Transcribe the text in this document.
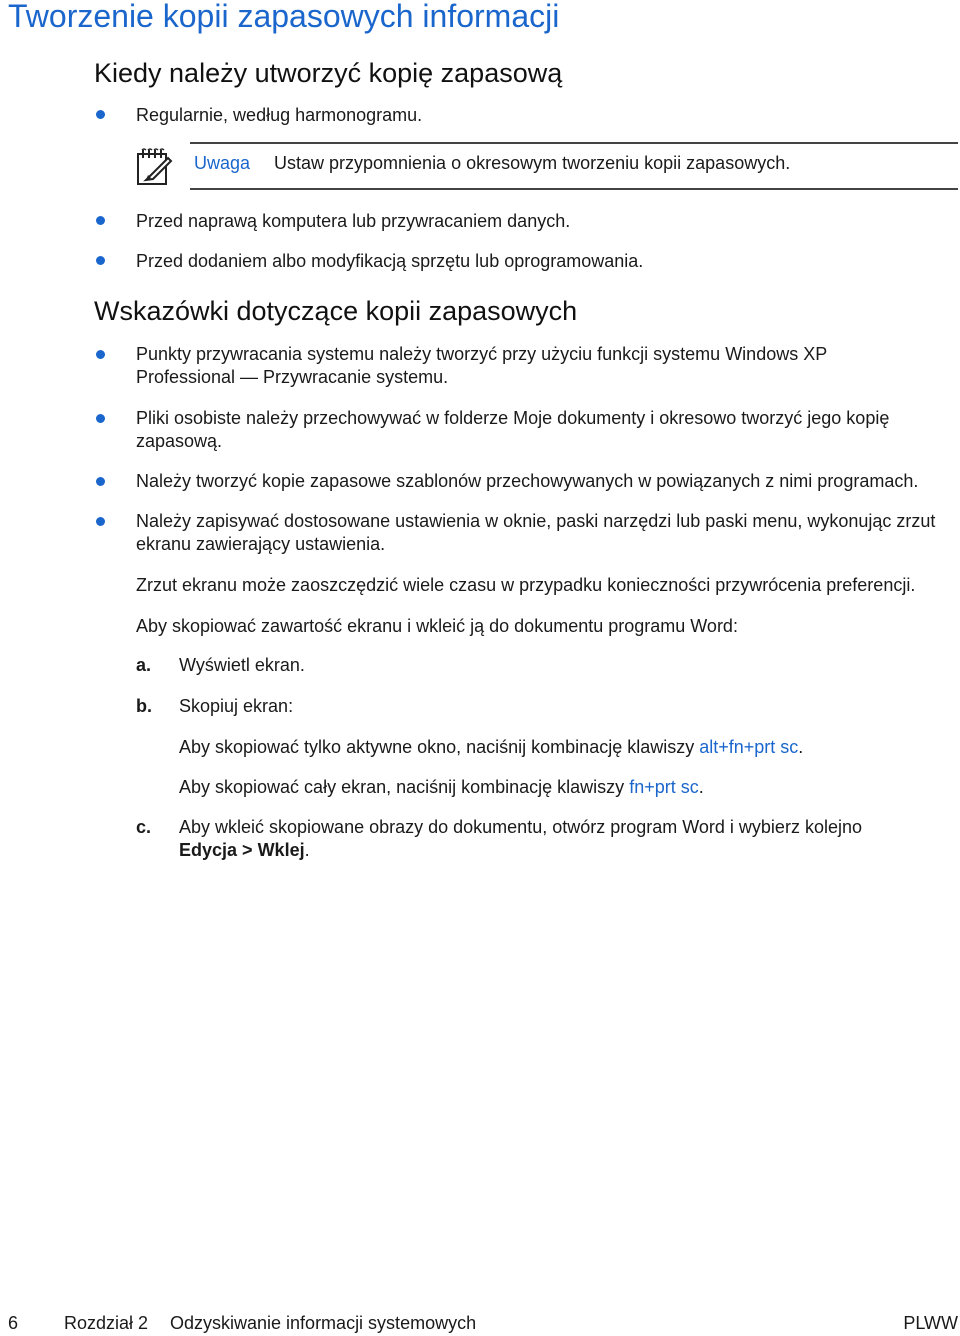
Tworzenie kopii zapasowych informacji
Kiedy należy utworzyć kopię zapasową
Regularnie, według harmonogramu.
Uwaga Ustaw przypomnienia o okresowym tworzeniu kopii zapasowych.
Przed naprawą komputera lub przywracaniem danych.
Przed dodaniem albo modyfikacją sprzętu lub oprogramowania.
Wskazówki dotyczące kopii zapasowych
Punkty przywracania systemu należy tworzyć przy użyciu funkcji systemu Windows XP Professional — Przywracanie systemu.
Pliki osobiste należy przechowywać w folderze Moje dokumenty i okresowo tworzyć jego kopię zapasową.
Należy tworzyć kopie zapasowe szablonów przechowywanych w powiązanych z nimi programach.
Należy zapisywać dostosowane ustawienia w oknie, paski narzędzi lub paski menu, wykonując zrzut ekranu zawierający ustawienia.
Zrzut ekranu może zaoszczędzić wiele czasu w przypadku konieczności przywrócenia preferencji.
Aby skopiować zawartość ekranu i wkleić ją do dokumentu programu Word:
a. Wyświetl ekran.
b. Skopiuj ekran:
Aby skopiować tylko aktywne okno, naciśnij kombinację klawiszy alt+fn+prt sc.
Aby skopiować cały ekran, naciśnij kombinację klawiszy fn+prt sc.
c. Aby wkleić skopiowane obrazy do dokumentu, otwórz program Word i wybierz kolejno Edycja > Wklej.
6	Rozdział 2 Odzyskiwanie informacji systemowych	PLWW
